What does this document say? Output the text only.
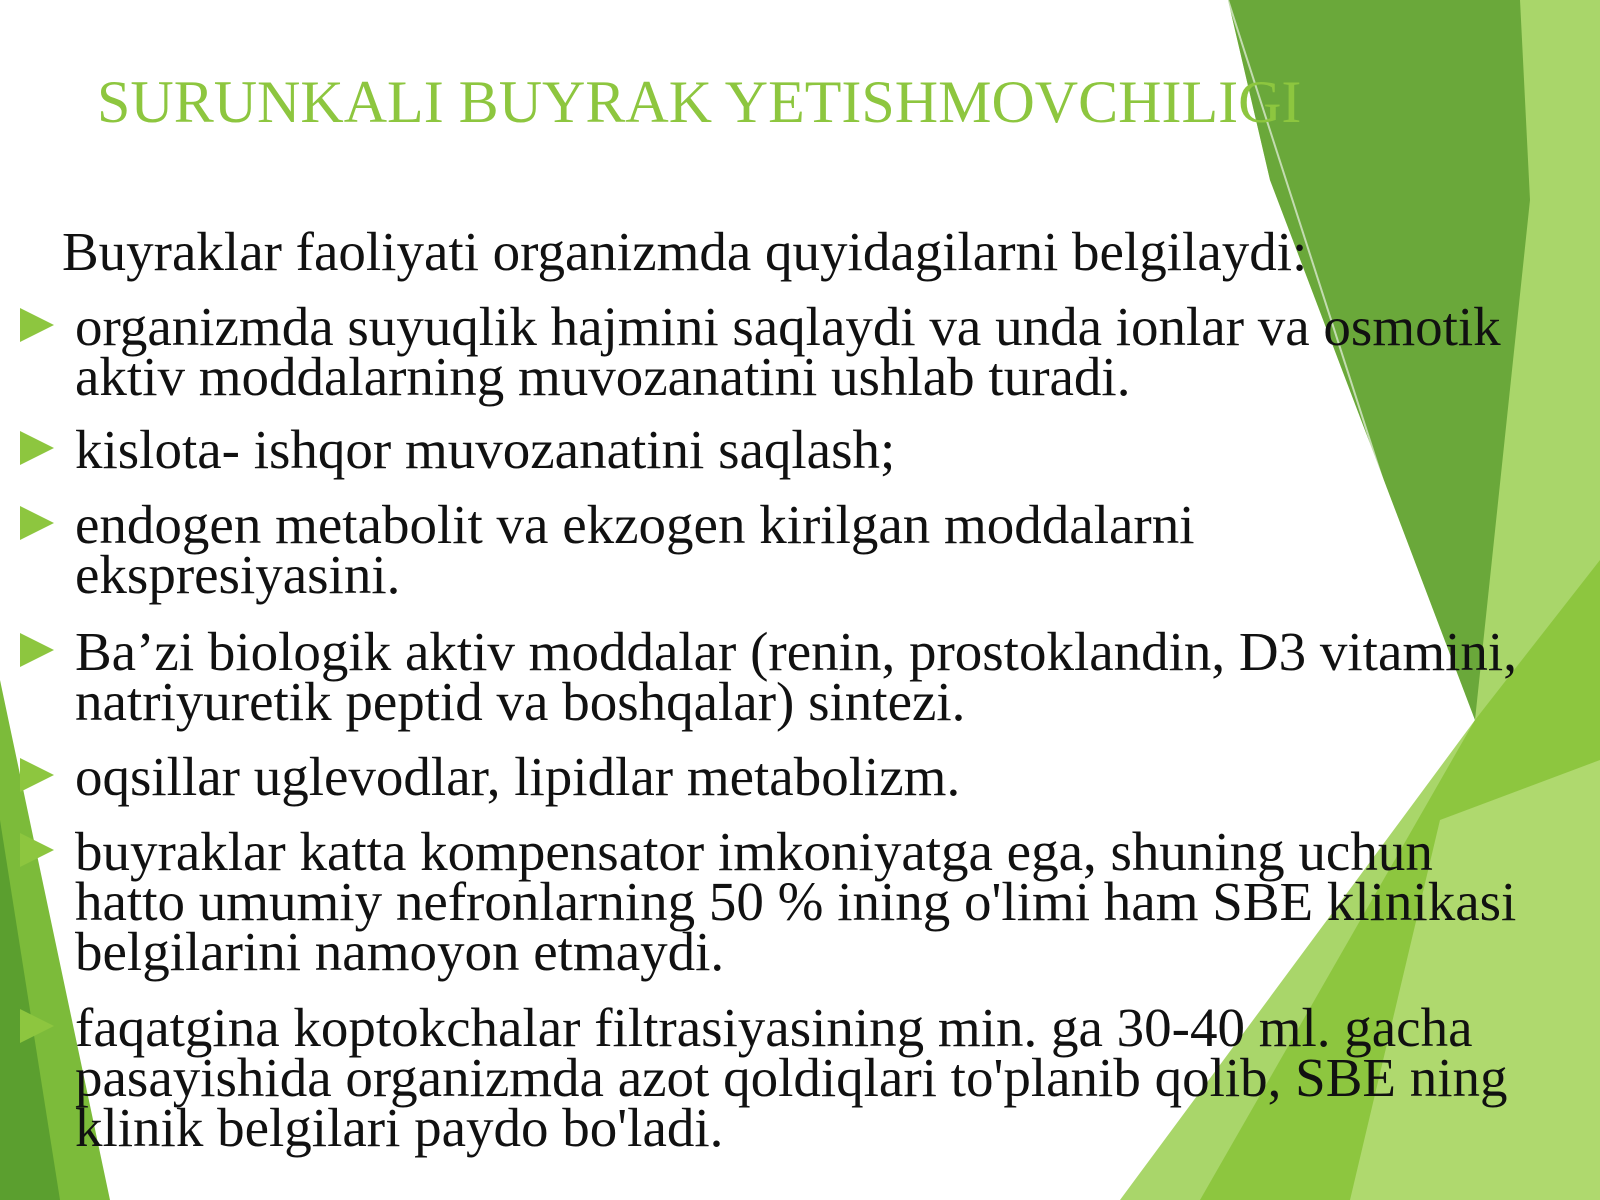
SURUNKALI BUYRAK YETISHMOVCHILIGI

Buyraklar faoliyati organizmda quyidagilarni belgilaydi:

organizmda suyuqlik hajmini saqlaydi va unda ionlar va osmotik aktiv moddalarning muvozanatini ushlab turadi.

kislota- ishqor muvozanatini saqlash;

endogen metabolit va ekzogen kirilgan moddalarni ekspresiyasini.

Ba’zi biologik aktiv moddalar (renin, prostoklandin, D3 vitamini, natriyuretik peptid va boshqalar) sintezi.

oqsillar uglevodlar, lipidlar metabolizm.

buyraklar katta kompensator imkoniyatga ega, shuning uchun hatto umumiy nefronlarning 50 % ining o'limi ham SBE klinikasi belgilarini namoyon etmaydi.

faqatgina koptokchalar filtrasiyasining min. ga 30-40 ml. gacha pasayishida organizmda azot qoldiqlari to'planib qolib, SBE ning klinik belgilari paydo bo'ladi.
